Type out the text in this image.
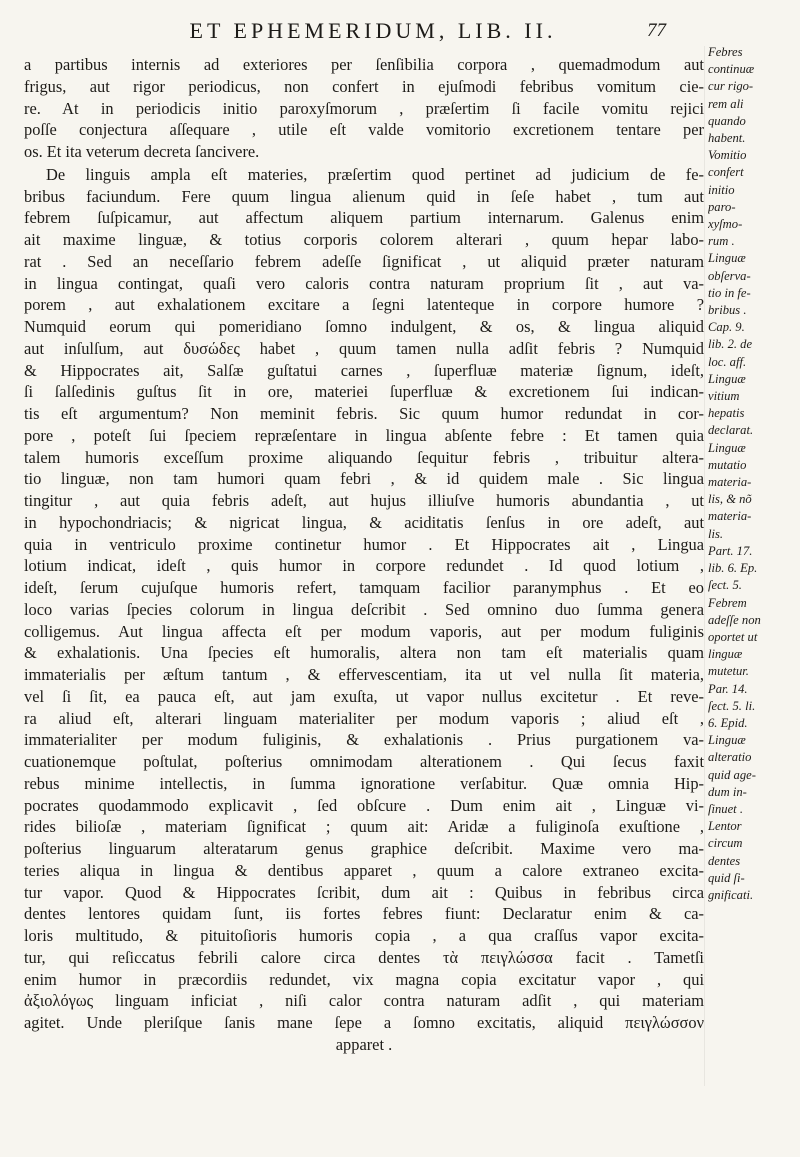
ET EPHEMERIDUM, LIB. II.	77
a partibus internis ad exteriores per ſenſibilia corpora , quemadmodum aut
frigus, aut rigor periodicus, non confert in ejuſmodi febribus vomitum cie-
re. At in periodicis initio paroxyſmorum , præſertim ſi facile vomitu rejici
poſſe conjectura aſſequare , utile eſt valde vomitorio excretionem tentare per
os. Et ita veterum decreta ſancivere.
De linguis ampla eſt materies, præſertim quod pertinet ad judicium de fe-
bribus faciundum. Fere quum lingua alienum quid in ſeſe habet , tum aut
febrem ſuſpicamur, aut affectum aliquem partium internarum. Galenus enim
ait maxime linguæ, & totius corporis colorem alterari , quum hepar labo-
rat . Sed an neceſſario febrem adeſſe ſignificat , ut aliquid præter naturam
in lingua contingat, quaſi vero caloris contra naturam proprium ſit , aut va-
porem , aut exhalationem excitare a ſegni latenteque in corpore humore ?
Numquid eorum qui pomeridiano ſomno indulgent, & os, & lingua aliquid
aut inſulſum, aut δυσώδες habet , quum tamen nulla adſit febris ? Numquid
& Hippocrates ait, Salſæ guſtatui carnes , ſuperfluæ materiæ ſignum, ideſt,
ſi ſalſedinis guſtus ſit in ore, materiei ſuperfluæ & excretionem ſui indican-
tis eſt argumentum? Non meminit febris. Sic quum humor redundat in cor-
pore , poteſt ſui ſpeciem repræſentare in lingua abſente febre : Et tamen quia
talem humoris exceſſum proxime aliquando ſequitur febris , tribuitur altera-
tio linguæ, non tam humori quam febri , & id quidem male . Sic lingua
tingitur , aut quia febris adeſt, aut hujus illiuſve humoris abundantia , ut
in hypochondriacis; & nigricat lingua, & aciditatis ſenſus in ore adeſt, aut
quia in ventriculo proxime continetur humor . Et Hippocrates ait , Lingua
lotium indicat, ideſt , quis humor in corpore redundet . Id quod lotium ,
ideſt, ſerum cujuſque humoris refert, tamquam facilior paranymphus . Et eo
loco varias ſpecies colorum in lingua deſcribit . Sed omnino duo ſumma genera
colligemus. Aut lingua affecta eſt per modum vaporis, aut per modum fuliginis
& exhalationis. Una ſpecies eſt humoralis, altera non tam eſt materialis quam
immaterialis per æſtum tantum , & effervescentiam, ita ut vel nulla ſit materia,
vel ſi ſit, ea pauca eſt, aut jam exuſta, ut vapor nullus excitetur . Et reve-
ra aliud eſt, alterari linguam materialiter per modum vaporis ; aliud eſt ,
immaterialiter per modum fuliginis, & exhalationis . Prius purgationem va-
cuationemque poſtulat, poſterius omnimodam alterationem . Qui ſecus faxit
rebus minime intellectis, in ſumma ignoratione verſabitur. Quæ omnia Hip-
pocrates quodammodo explicavit , ſed obſcure . Dum enim ait , Linguæ vi-
rides bilioſæ , materiam ſignificat ; quum ait: Aridæ a fuliginoſa exuſtione ,
poſterius linguarum alteratarum genus graphice deſcribit. Maxime vero ma-
teries aliqua in lingua & dentibus apparet , quum a calore extraneo excita-
tur vapor. Quod & Hippocrates ſcribit, dum ait : Quibus in febribus circa
dentes lentores quidam ſunt, iis fortes febres fiunt: Declaratur enim & ca-
loris multitudo, & pituitoſioris humoris copia , a qua craſſus vapor excita-
tur, qui reſiccatus febrili calore circa dentes τὰ πειγλώσσα facit . Tametſi
enim humor in præcordiis redundet, vix magna copia excitatur vapor , qui
ἀξιολόγως linguam inficiat , niſi calor contra naturam adſit , qui materiam
agitet. Unde pleriſque ſanis mane ſepe a ſomno excitatis, aliquid πειγλώσσον
apparet .
Febres
continuæ
cur rigo-
rem ali
quando
habent.
Vomitio
confert
initio
paro-
xyſmo-
rum .
Linguæ
obſerva-
tio in fe-
bribus .
Cap. 9.
lib. 2. de
loc. aff.
Linguæ
vitium
hepatis
declarat.
Linguæ
mutatio
materia-
lis, & nõ
materia-
lis.
Part. 17.
lib. 6. Ep.
ſect. 5.
Febrem
adeſſe non
oportet ut
linguæ
mutetur.
Par. 14.
ſect. 5. li.
6. Epid.
Linguæ
alteratio
quid age-
dum in-
ſinuet .
Lentor
circum
dentes
quid ſi-
gnificati.
